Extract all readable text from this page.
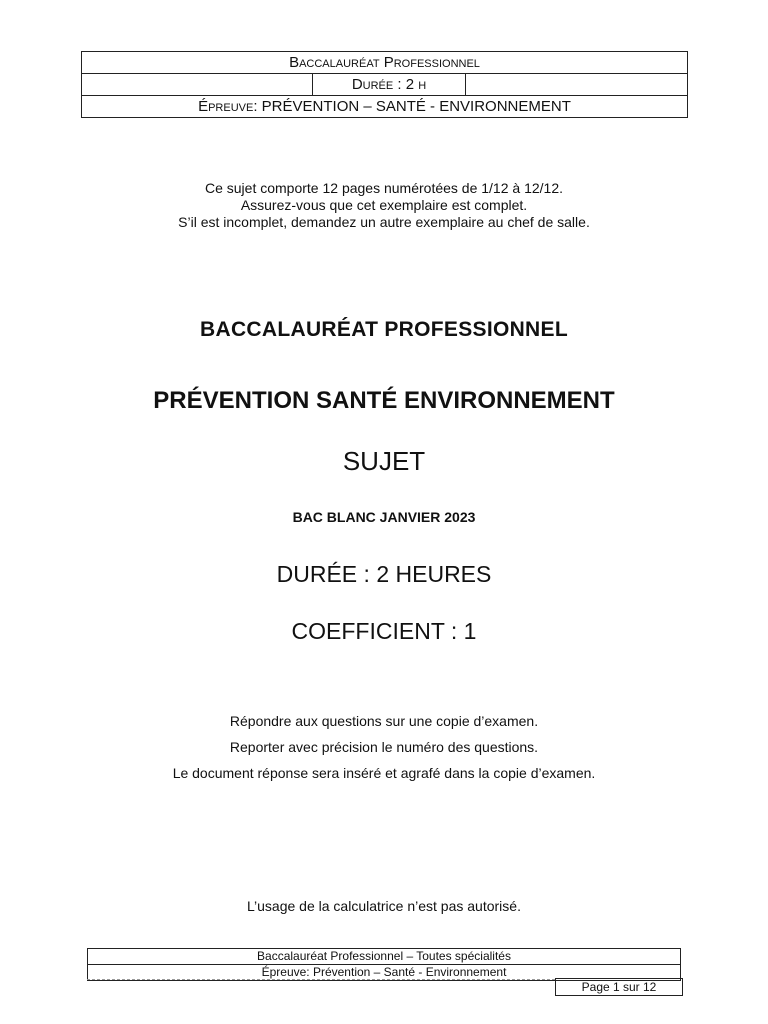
Baccalauréat Professionnel
Durée : 2 h
Épreuve : PRÉVENTION – SANTÉ - ENVIRONNEMENT
Ce sujet comporte 12 pages numérotées de 1/12 à 12/12.
Assurez-vous que cet exemplaire est complet.
S’il est incomplet, demandez un autre exemplaire au chef de salle.
BACCALAURÉAT PROFESSIONNEL
PRÉVENTION SANTÉ ENVIRONNEMENT
SUJET
BAC BLANC JANVIER 2023
DURÉE : 2 HEURES
COEFFICIENT : 1
Répondre aux questions sur une copie d’examen.
Reporter avec précision le numéro des questions.
Le document réponse sera inséré et agrafé dans la copie d’examen.
L’usage de la calculatrice n’est pas autorisé.
Baccalauréat Professionnel – Toutes spécialités
Épreuve: Prévention – Santé - Environnement
Page 1 sur 12
